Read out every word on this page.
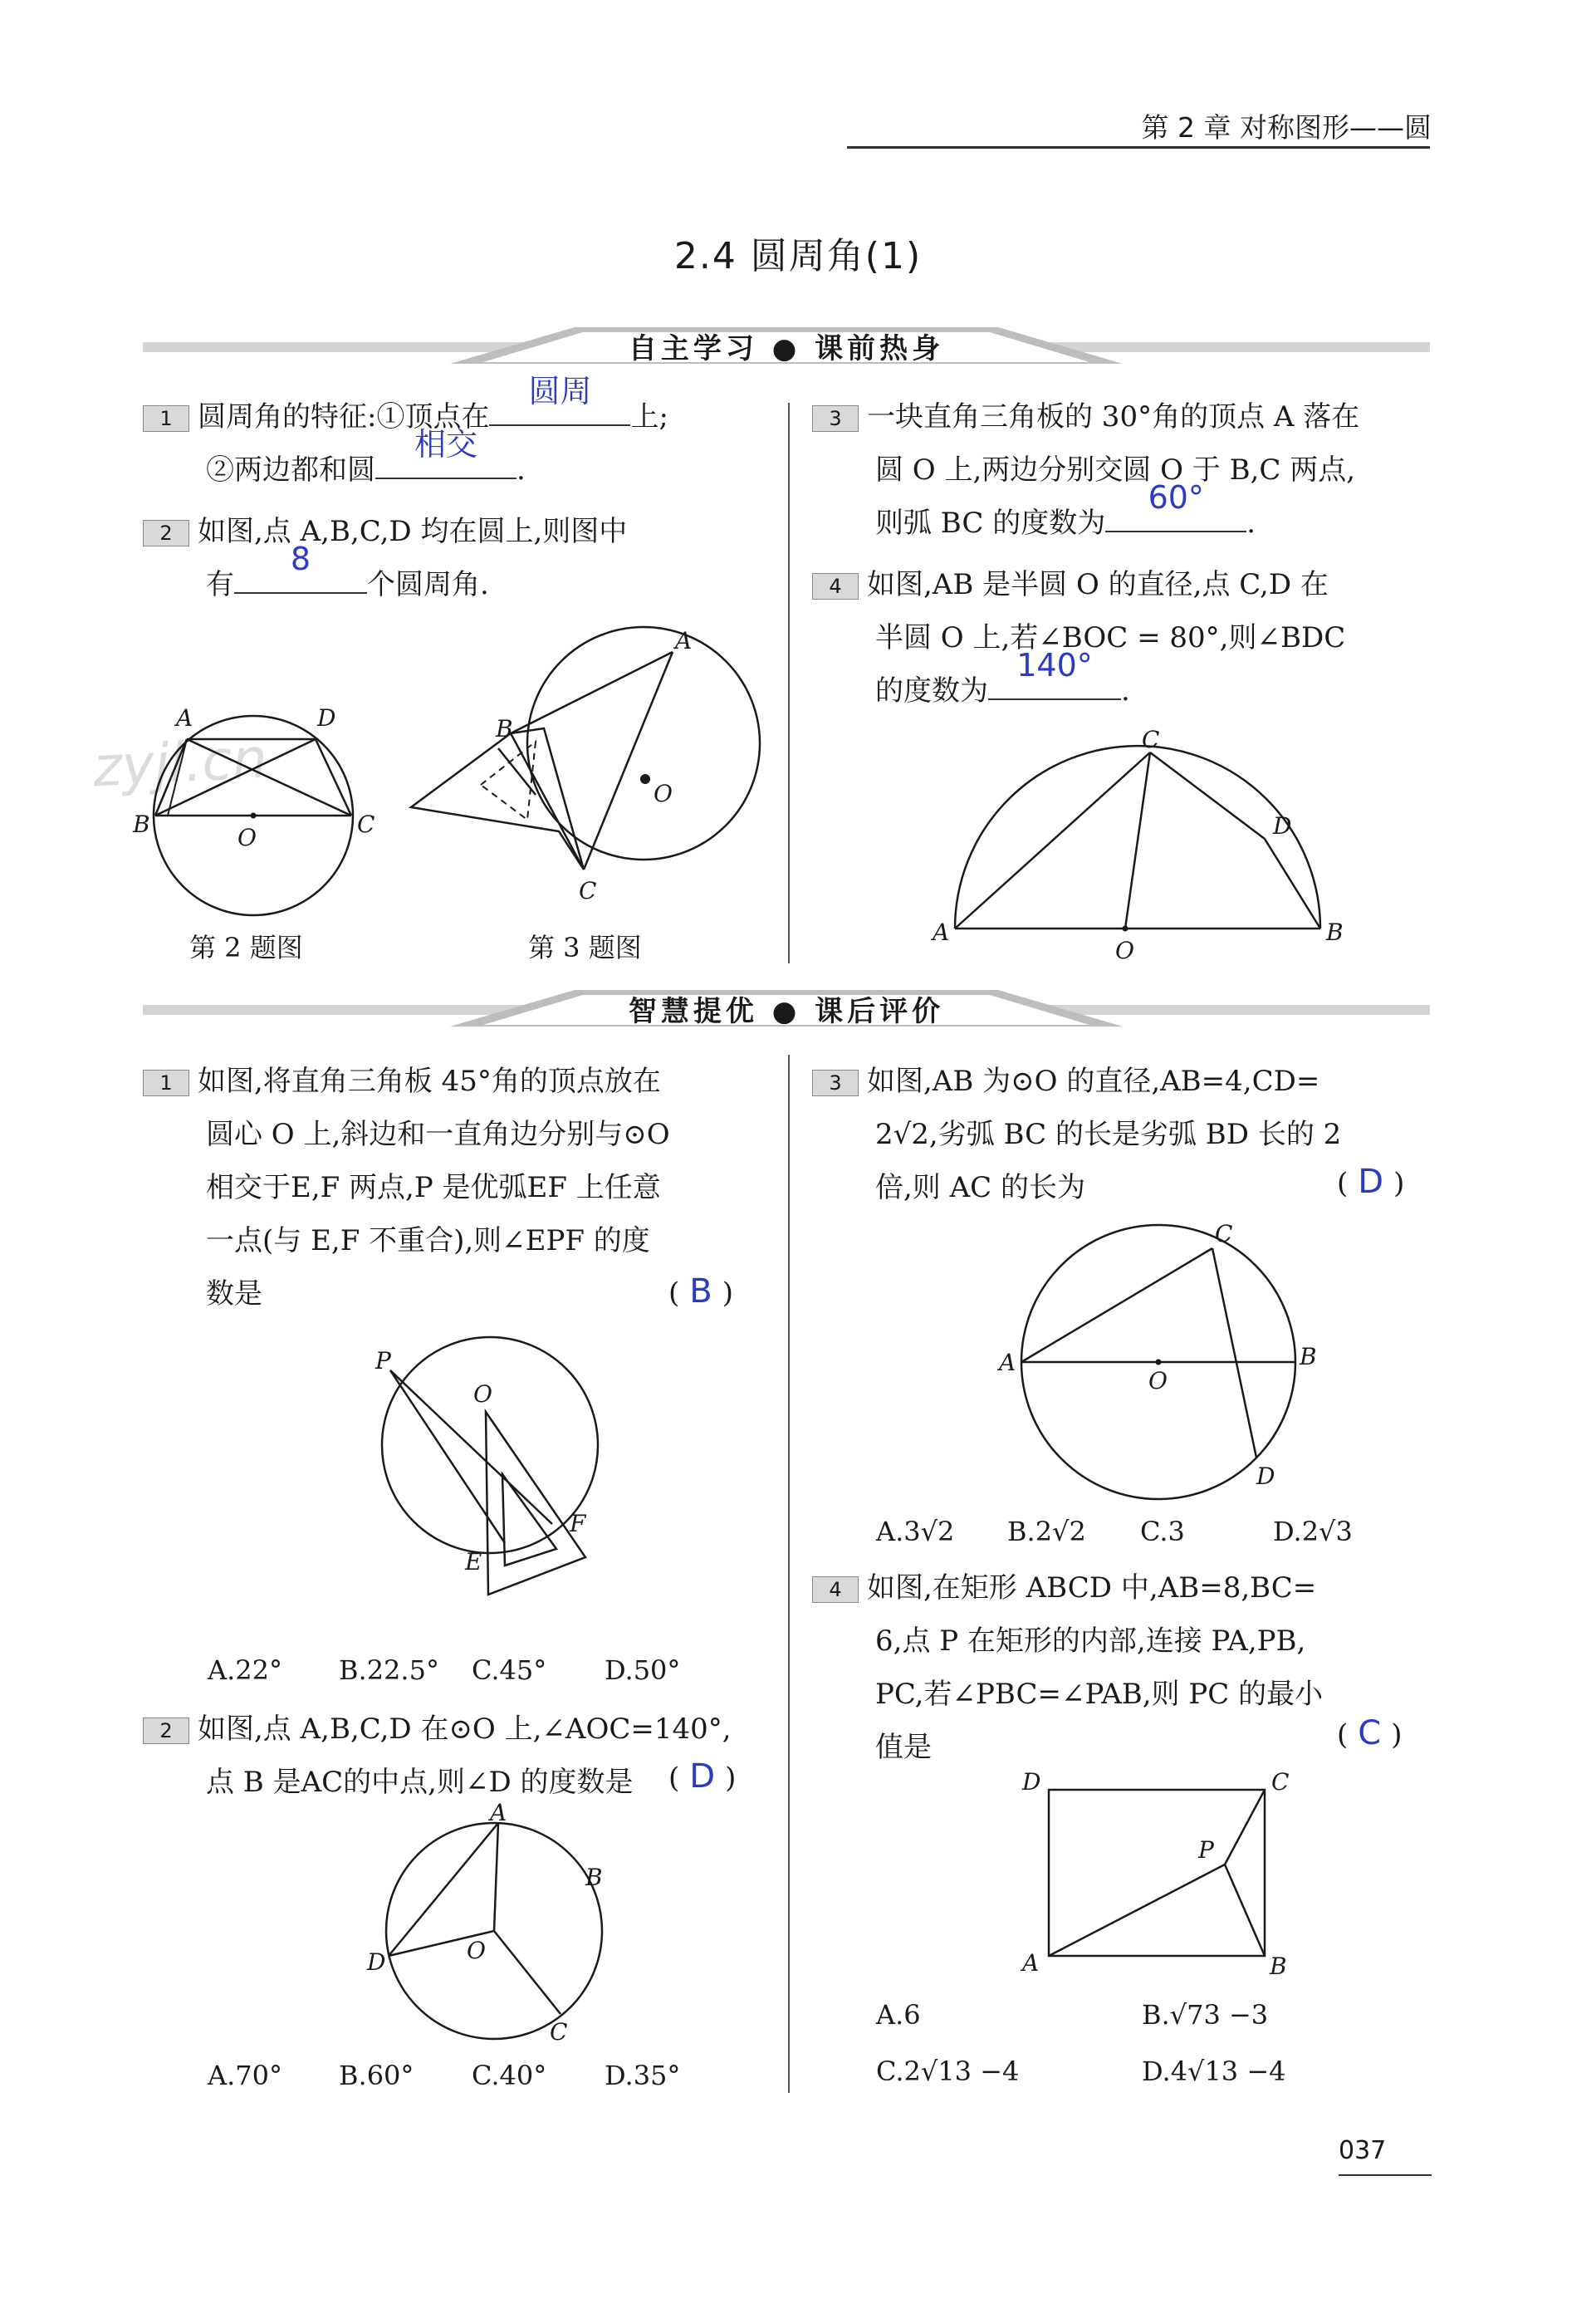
第 2 章 对称图形——圆
2.4 圆周角(1)
自主学习 ● 课前热身
智慧提优 ● 课后评价
zyjl.cn
1 圆周角的特征:①顶点在
圆周
上;
②两边都和圆
相交
.
2 如图,点 A,B,C,D 均在圆上,则图中
有
8
个圆周角.
A	D
B	C
O
第 2 题图
A
B
C
O
第 3 题图
3 一块直角三角板的 30°角的顶点 A 落在
圆 O 上,两边分别交圆 O 于 B,C 两点,
则弧 BC 的度数为
60°
.
4 如图,AB 是半圆 O 的直径,点 C,D 在
半圆 O 上,若∠BOC = 80°,则∠BDC
的度数为
140°
.
C
D
A	B
O
1 如图,将直角三角板 45°角的顶点放在
圆心 O 上,斜边和一直角边分别与⊙O
相交于E,F 两点,P 是优弧EF 上任意
一点(与 E,F 不重合),则∠EPF 的度
数是	( B )
P
O
F
E
A.22° B.22.5° C.45° D.50°
2 如图,点 A,B,C,D 在⊙O 上,∠AOC=140°,
点 B 是AC的中点,则∠D 的度数是	( D )
A
B
D	O
C
A.70° B.60° C.40° D.35°
3 如图,AB 为⊙O 的直径,AB=4,CD=
2√2,劣弧 BC 的长是劣弧 BD 长的 2
倍,则 AC 的长为	( D )
C
A	B
O
D
A.3√2 B.2√2 C.3	D.2√3
4 如图,在矩形 ABCD 中,AB=8,BC=
6,点 P 在矩形的内部,连接 PA,PB,
PC,若∠PBC=∠PAB,则 PC 的最小
值是	( C )
D	C
P
A	B
A.6	B.√73 −3
C.2√13 −4	D.4√13 −4
037
